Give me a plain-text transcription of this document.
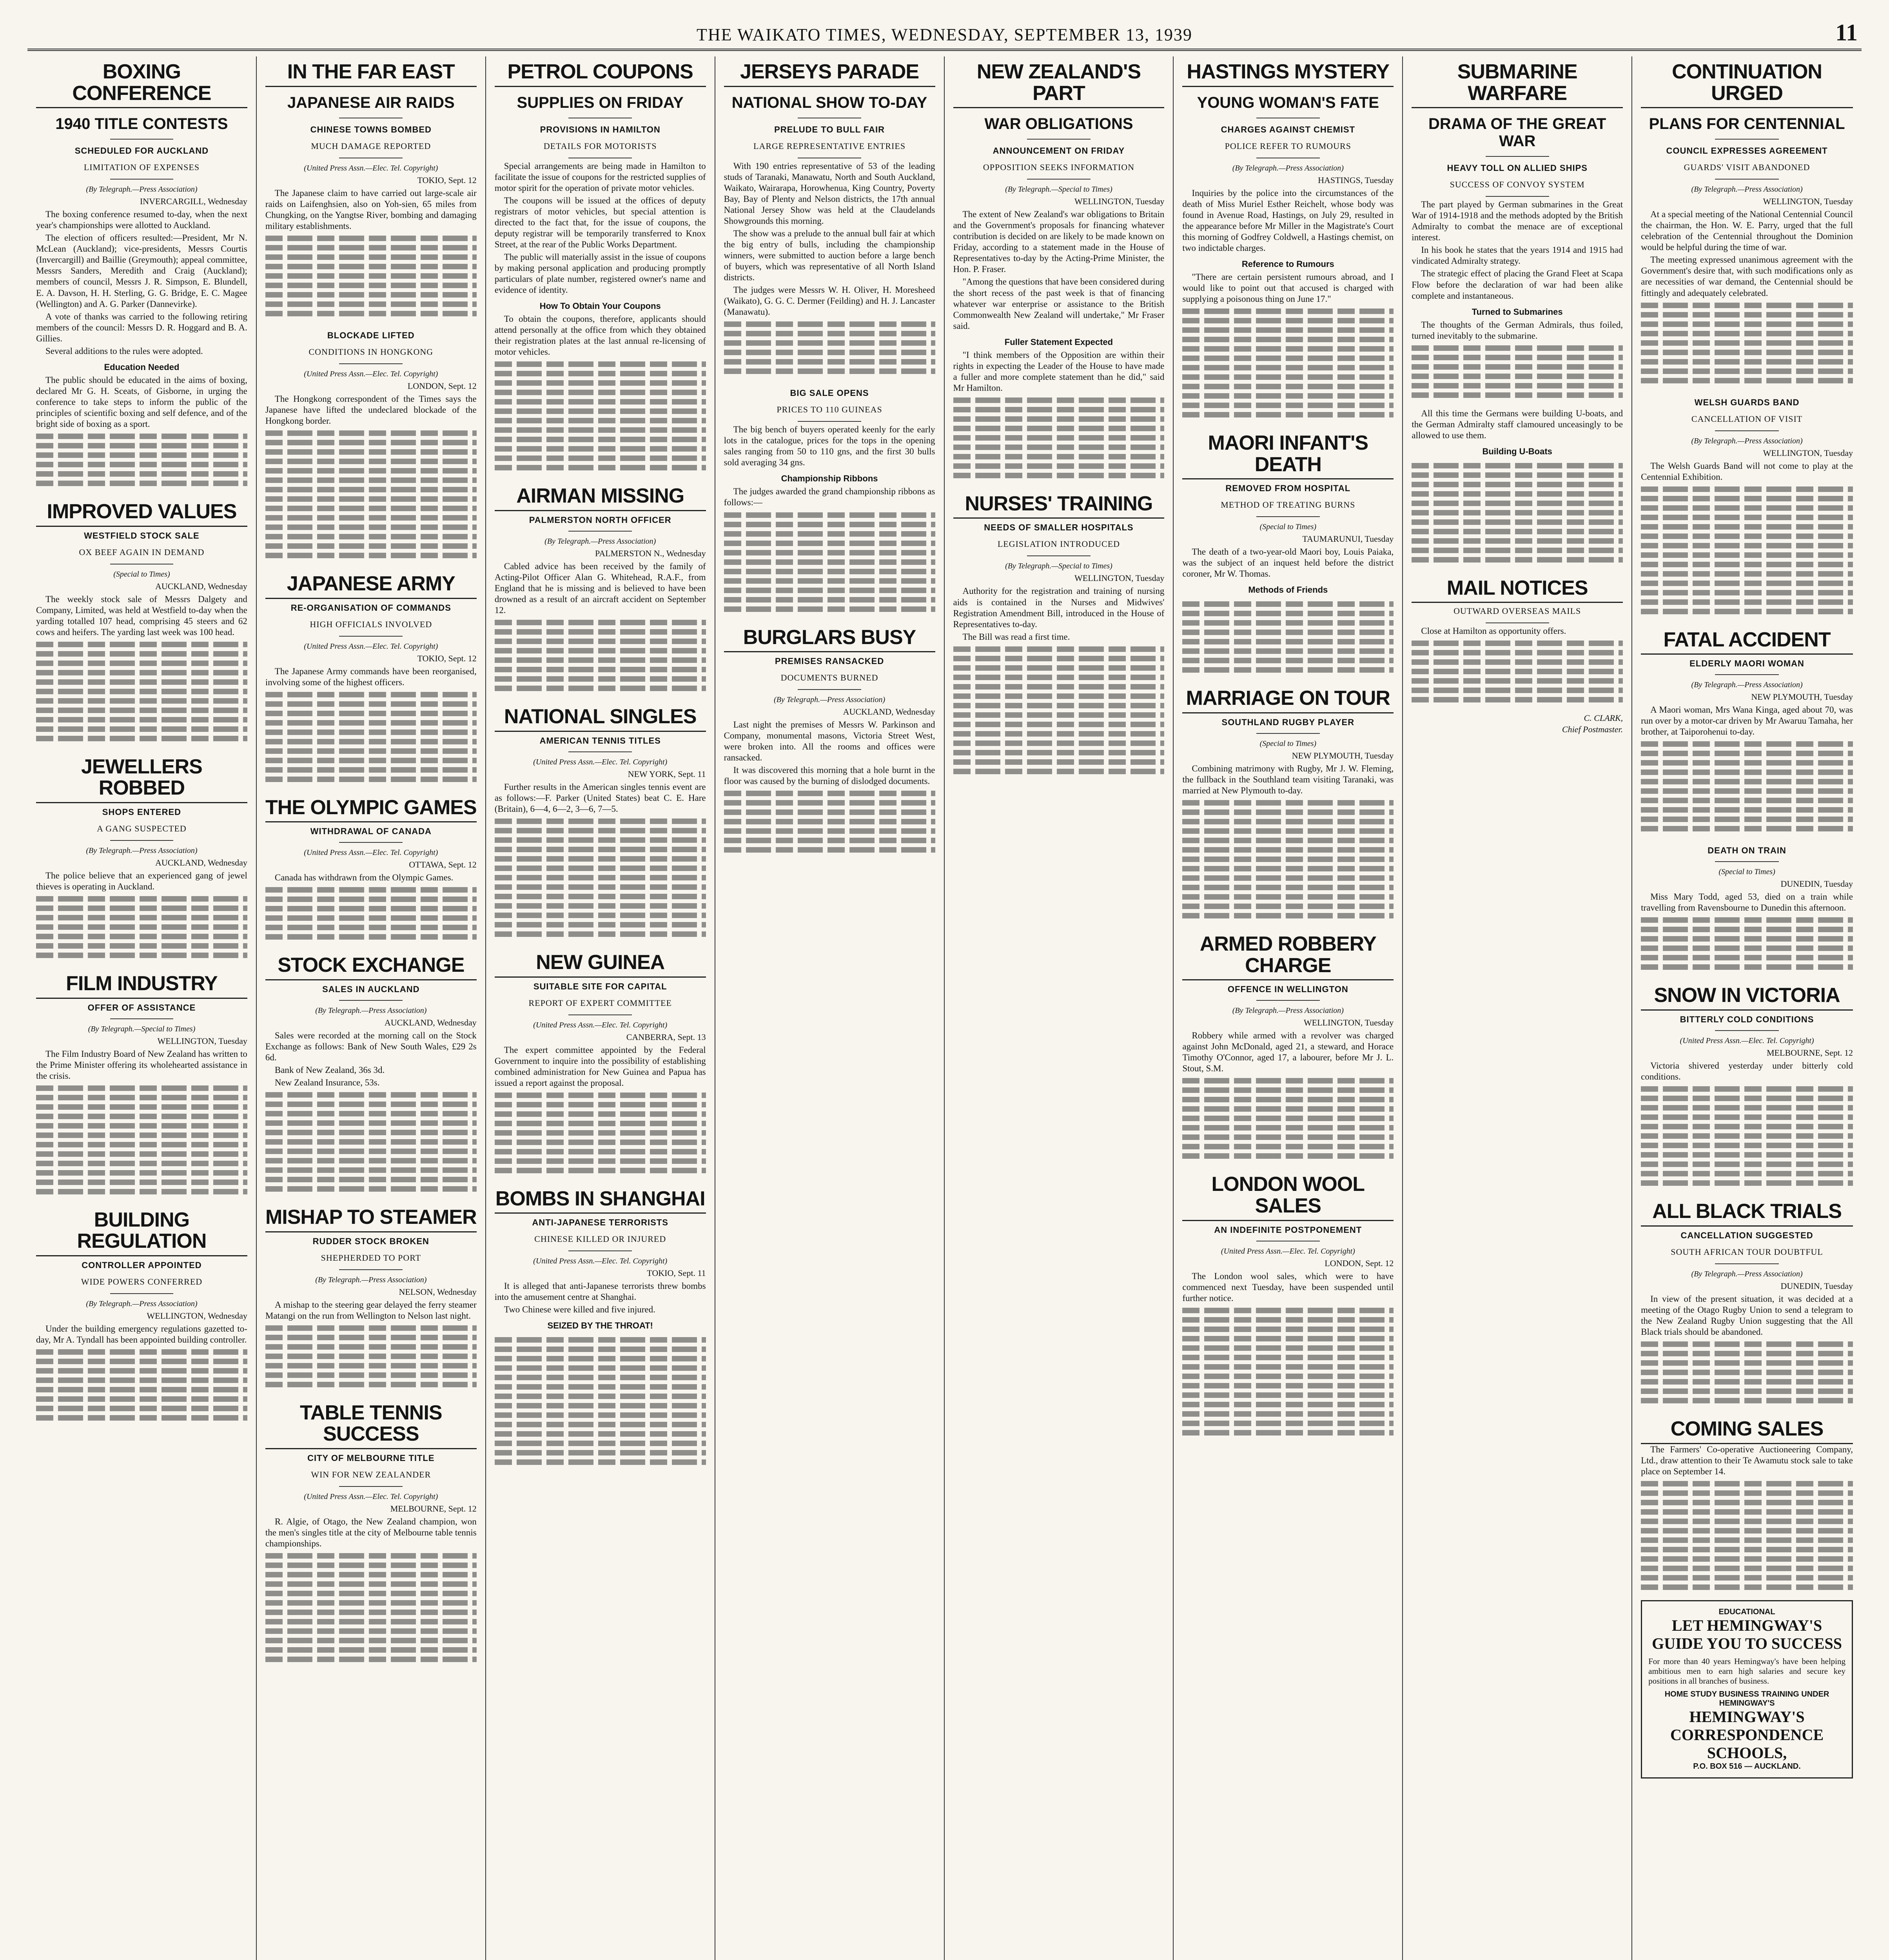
THE WAIKATO TIMES, WEDNESDAY, SEPTEMBER 13, 1939	11
BOXING CONFERENCE
1940 TITLE CONTESTS
SCHEDULED FOR AUCKLAND
LIMITATION OF EXPENSES
(By Telegraph.—Press Association)
INVERCARGILL, Wednesday

The boxing conference resumed to-day, when the next year's championships were allotted to Auckland.

The election of officers resulted:—President, Mr N. McLean (Auckland); vice-presidents, Messrs Courtis (Invercargill) and Baillie (Greymouth); appeal committee, Messrs Sanders, Meredith and Craig (Auckland); members of council, Messrs J. R. Simpson, E. Blundell, E. A. Davson, H. H. Sterling, G. G. Bridge, E. C. Magee (Wellington) and A. G. Parker (Dannevirke).

A vote of thanks was carried to the following retiring members of the council: Messrs D. R. Hoggard and B. A. Gillies.

Several additions to the rules were adopted.

Education Needed

The public should be educated in the aims of boxing, declared Mr G. H. Sceats, of Gisborne, in urging the conference to take steps to inform the public of the principles of scientific boxing and self defence, and of the bright side of boxing as a sport.

IMPROVED VALUES
WESTFIELD STOCK SALE
OX BEEF AGAIN IN DEMAND
(Special to Times)
AUCKLAND, Wednesday

The weekly stock sale of Messrs Dalgety and Company, Limited, was held at Westfield to-day when the yarding totalled 107 head, comprising 45 steers and 62 cows and heifers. The yarding last week was 100 head.

JEWELLERS ROBBED
SHOPS ENTERED
A GANG SUSPECTED
(By Telegraph.—Press Association)
AUCKLAND, Wednesday

The police believe that an experienced gang of jewel thieves is operating in Auckland.

FILM INDUSTRY
OFFER OF ASSISTANCE
(By Telegraph.—Special to Times)
WELLINGTON, Tuesday

The Film Industry Board of New Zealand has written to the Prime Minister offering its wholehearted assistance in the crisis.

BUILDING REGULATION
CONTROLLER APPOINTED
WIDE POWERS CONFERRED
(By Telegraph.—Press Association)
WELLINGTON, Wednesday

Under the building emergency regulations gazetted to-day, Mr A. Tyndall has been appointed building controller.

IN THE FAR EAST
JAPANESE AIR RAIDS
CHINESE TOWNS BOMBED
MUCH DAMAGE REPORTED
(United Press Assn.—Elec. Tel. Copyright)
TOKIO, Sept. 12

The Japanese claim to have carried out large-scale air raids on Laifenghsien, also on Yoh-sien, 65 miles from Chungking, on the Yangtse River, bombing and damaging military establishments.

BLOCKADE LIFTED
CONDITIONS IN HONGKONG
(United Press Assn.—Elec. Tel. Copyright)
LONDON, Sept. 12

The Hongkong correspondent of the Times says the Japanese have lifted the undeclared blockade of the Hongkong border.

JAPANESE ARMY
RE-ORGANISATION OF COMMANDS
HIGH OFFICIALS INVOLVED
(United Press Assn.—Elec. Tel. Copyright)
TOKIO, Sept. 12

The Japanese Army commands have been reorganised, involving some of the highest officers.

THE OLYMPIC GAMES
WITHDRAWAL OF CANADA
(United Press Assn.—Elec. Tel. Copyright)
OTTAWA, Sept. 12

Canada has withdrawn from the Olympic Games.

STOCK EXCHANGE
SALES IN AUCKLAND
(By Telegraph.—Press Association)
AUCKLAND, Wednesday

Sales were recorded at the morning call on the Stock Exchange as follows: Bank of New South Wales, £29 2s 6d.

Bank of New Zealand, 36s 3d.

New Zealand Insurance, 53s.

MISHAP TO STEAMER
RUDDER STOCK BROKEN
SHEPHERDED TO PORT
(By Telegraph.—Press Association)
NELSON, Wednesday

A mishap to the steering gear delayed the ferry steamer Matangi on the run from Wellington to Nelson last night.

TABLE TENNIS SUCCESS
CITY OF MELBOURNE TITLE
WIN FOR NEW ZEALANDER
(United Press Assn.—Elec. Tel. Copyright)
MELBOURNE, Sept. 12

R. Algie, of Otago, the New Zealand champion, won the men's singles title at the city of Melbourne table tennis championships.

PETROL COUPONS
SUPPLIES ON FRIDAY
PROVISIONS IN HAMILTON
DETAILS FOR MOTORISTS

Special arrangements are being made in Hamilton to facilitate the issue of coupons for the restricted supplies of motor spirit for the operation of private motor vehicles.

The coupons will be issued at the offices of deputy registrars of motor vehicles, but special attention is directed to the fact that, for the issue of coupons, the deputy registrar will be temporarily transferred to Knox Street, at the rear of the Public Works Department.

The public will materially assist in the issue of coupons by making personal application and producing promptly particulars of plate number, registered owner's name and evidence of identity.

How To Obtain Your Coupons

To obtain the coupons, therefore, applicants should attend personally at the office from which they obtained their registration plates at the last annual re-licensing of motor vehicles.

AIRMAN MISSING
PALMERSTON NORTH OFFICER
(By Telegraph.—Press Association)
PALMERSTON N., Wednesday

Cabled advice has been received by the family of Acting-Pilot Officer Alan G. Whitehead, R.A.F., from England that he is missing and is believed to have been drowned as a result of an aircraft accident on September 12.

NATIONAL SINGLES
AMERICAN TENNIS TITLES
(United Press Assn.—Elec. Tel. Copyright)
NEW YORK, Sept. 11

Further results in the American singles tennis event are as follows:—F. Parker (United States) beat C. E. Hare (Britain), 6—4, 6—2, 3—6, 7—5.

NEW GUINEA
SUITABLE SITE FOR CAPITAL
REPORT OF EXPERT COMMITTEE
(United Press Assn.—Elec. Tel. Copyright)
CANBERRA, Sept. 13

The expert committee appointed by the Federal Government to inquire into the possibility of establishing combined administration for New Guinea and Papua has issued a report against the proposal.

BOMBS IN SHANGHAI
ANTI-JAPANESE TERRORISTS
CHINESE KILLED OR INJURED
(United Press Assn.—Elec. Tel. Copyright)
TOKIO, Sept. 11

It is alleged that anti-Japanese terrorists threw bombs into the amusement centre at Shanghai.

Two Chinese were killed and five injured.

SEIZED BY THE THROAT!
JERSEYS PARADE
NATIONAL SHOW TO-DAY
PRELUDE TO BULL FAIR
LARGE REPRESENTATIVE ENTRIES

With 190 entries representative of 53 of the leading studs of Taranaki, Manawatu, North and South Auckland, Waikato, Wairarapa, Horowhenua, King Country, Poverty Bay, Bay of Plenty and Nelson districts, the 17th annual National Jersey Show was held at the Claudelands Showgrounds this morning.

The show was a prelude to the annual bull fair at which the big entry of bulls, including the championship winners, were submitted to auction before a large bench of buyers, which was representative of all North Island districts.

The judges were Messrs W. H. Oliver, H. Moresheed (Waikato), G. G. C. Dermer (Feilding) and H. J. Lancaster (Manawatu).

BIG SALE OPENS
PRICES TO 110 GUINEAS

The big bench of buyers operated keenly for the early lots in the catalogue, prices for the tops in the opening sales ranging from 50 to 110 gns, and the first 30 bulls sold averaging 34 gns.

Championship Ribbons

The judges awarded the grand championship ribbons as follows:—

BURGLARS BUSY
PREMISES RANSACKED
DOCUMENTS BURNED
(By Telegraph.—Press Association)
AUCKLAND, Wednesday

Last night the premises of Messrs W. Parkinson and Company, monumental masons, Victoria Street West, were broken into. All the rooms and offices were ransacked.

It was discovered this morning that a hole burnt in the floor was caused by the burning of dislodged documents.

NEW ZEALAND'S PART
WAR OBLIGATIONS
ANNOUNCEMENT ON FRIDAY
OPPOSITION SEEKS INFORMATION
(By Telegraph.—Special to Times)
WELLINGTON, Tuesday

The extent of New Zealand's war obligations to Britain and the Government's proposals for financing whatever contribution is decided on are likely to be made known on Friday, according to a statement made in the House of Representatives to-day by the Acting-Prime Minister, the Hon. P. Fraser.

"Among the questions that have been considered during the short recess of the past week is that of financing whatever war enterprise or assistance to the British Commonwealth New Zealand will undertake," Mr Fraser said.

Fuller Statement Expected

"I think members of the Opposition are within their rights in expecting the Leader of the House to have made a fuller and more complete statement than he did," said Mr Hamilton.

NURSES' TRAINING
NEEDS OF SMALLER HOSPITALS
LEGISLATION INTRODUCED
(By Telegraph.—Special to Times)
WELLINGTON, Tuesday

Authority for the registration and training of nursing aids is contained in the Nurses and Midwives' Registration Amendment Bill, introduced in the House of Representatives to-day.

The Bill was read a first time.

HASTINGS MYSTERY
YOUNG WOMAN'S FATE
CHARGES AGAINST CHEMIST
POLICE REFER TO RUMOURS
(By Telegraph.—Press Association)
HASTINGS, Tuesday

Inquiries by the police into the circumstances of the death of Miss Muriel Esther Reichelt, whose body was found in Avenue Road, Hastings, on July 29, resulted in the appearance before Mr Miller in the Magistrate's Court this morning of Godfrey Coldwell, a Hastings chemist, on two indictable charges.

Reference to Rumours

"There are certain persistent rumours abroad, and I would like to point out that accused is charged with supplying a poisonous thing on June 17."

MAORI INFANT'S DEATH
REMOVED FROM HOSPITAL
METHOD OF TREATING BURNS
(Special to Times)
TAUMARUNUI, Tuesday

The death of a two-year-old Maori boy, Louis Paiaka, was the subject of an inquest held before the district coroner, Mr W. Thomas.

Methods of Friends
MARRIAGE ON TOUR
SOUTHLAND RUGBY PLAYER
(Special to Times)
NEW PLYMOUTH, Tuesday

Combining matrimony with Rugby, Mr J. W. Fleming, the fullback in the Southland team visiting Taranaki, was married at New Plymouth to-day.

ARMED ROBBERY CHARGE
OFFENCE IN WELLINGTON
(By Telegraph.—Press Association)
WELLINGTON, Tuesday

Robbery while armed with a revolver was charged against John McDonald, aged 21, a steward, and Horace Timothy O'Connor, aged 17, a labourer, before Mr J. L. Stout, S.M.

LONDON WOOL SALES
AN INDEFINITE POSTPONEMENT
(United Press Assn.—Elec. Tel. Copyright)
LONDON, Sept. 12

The London wool sales, which were to have commenced next Tuesday, have been suspended until further notice.

SUBMARINE WARFARE
DRAMA OF THE GREAT WAR
HEAVY TOLL ON ALLIED SHIPS
SUCCESS OF CONVOY SYSTEM

The part played by German submarines in the Great War of 1914-1918 and the methods adopted by the British Admiralty to combat the menace are of exceptional interest.

In his book he states that the years 1914 and 1915 had vindicated Admiralty strategy.

The strategic effect of placing the Grand Fleet at Scapa Flow before the declaration of war had been alike complete and instantaneous.

Turned to Submarines

The thoughts of the German Admirals, thus foiled, turned inevitably to the submarine.

All this time the Germans were building U-boats, and the German Admiralty staff clamoured unceasingly to be allowed to use them.

Building U-Boats
MAIL NOTICES
OUTWARD OVERSEAS MAILS

Close at Hamilton as opportunity offers.

C. CLARK,
Chief Postmaster.
CONTINUATION URGED
PLANS FOR CENTENNIAL
COUNCIL EXPRESSES AGREEMENT
GUARDS' VISIT ABANDONED
(By Telegraph.—Press Association)
WELLINGTON, Tuesday

At a special meeting of the National Centennial Council the chairman, the Hon. W. E. Parry, urged that the full celebration of the Centennial throughout the Dominion would be helpful during the time of war.

The meeting expressed unanimous agreement with the Government's desire that, with such modifications only as are necessities of war demand, the Centennial should be fittingly and adequately celebrated.

WELSH GUARDS BAND
CANCELLATION OF VISIT
(By Telegraph.—Press Association)
WELLINGTON, Tuesday

The Welsh Guards Band will not come to play at the Centennial Exhibition.

FATAL ACCIDENT
ELDERLY MAORI WOMAN
(By Telegraph.—Press Association)
NEW PLYMOUTH, Tuesday

A Maori woman, Mrs Wana Kinga, aged about 70, was run over by a motor-car driven by Mr Awaruu Tamaha, her brother, at Taiporohenui to-day.

DEATH ON TRAIN
(Special to Times)
DUNEDIN, Tuesday

Miss Mary Todd, aged 53, died on a train while travelling from Ravensbourne to Dunedin this afternoon.

SNOW IN VICTORIA
BITTERLY COLD CONDITIONS
(United Press Assn.—Elec. Tel. Copyright)
MELBOURNE, Sept. 12

Victoria shivered yesterday under bitterly cold conditions.

ALL BLACK TRIALS
CANCELLATION SUGGESTED
SOUTH AFRICAN TOUR DOUBTFUL
(By Telegraph.—Press Association)
DUNEDIN, Tuesday

In view of the present situation, it was decided at a meeting of the Otago Rugby Union to send a telegram to the New Zealand Rugby Union suggesting that the All Black trials should be abandoned.

COMING SALES

The Farmers' Co-operative Auctioneering Company, Ltd., draw attention to their Te Awamutu stock sale to take place on September 14.

EDUCATIONAL
LET HEMINGWAY'S GUIDE YOU TO SUCCESS
For more than 40 years Hemingway's have been helping ambitious men to earn high salaries and secure key positions in all branches of business.
HOME STUDY BUSINESS TRAINING UNDER HEMINGWAY'S
HEMINGWAY'S CORRESPONDENCE SCHOOLS,
P.O. BOX 516 — AUCKLAND.
